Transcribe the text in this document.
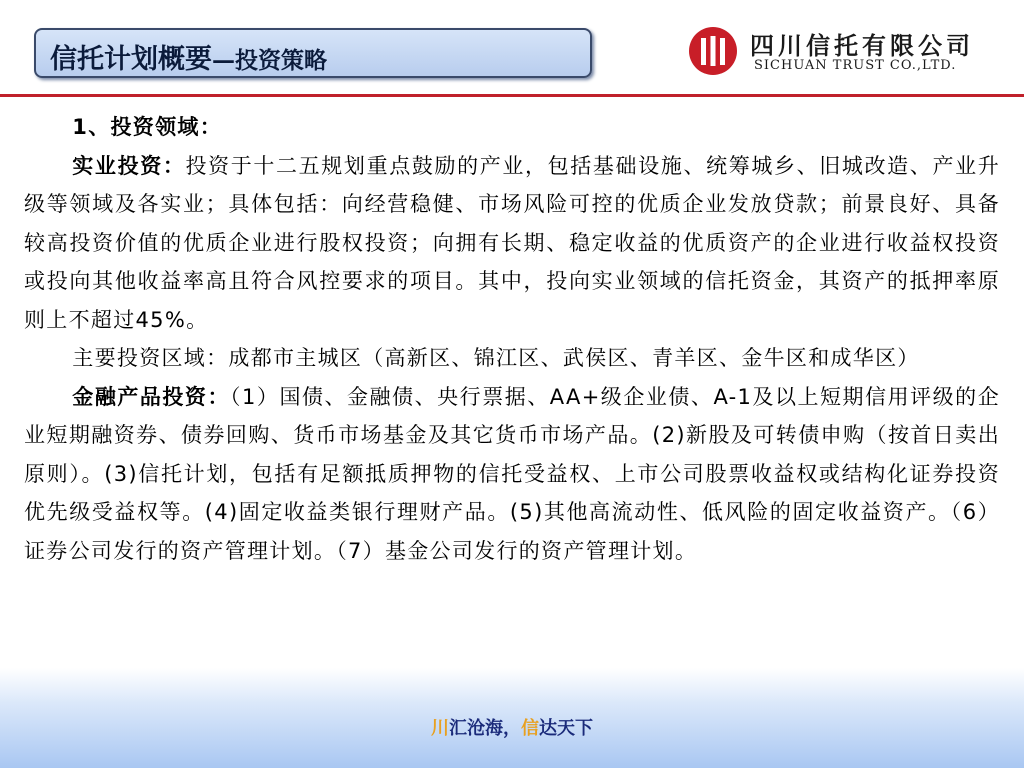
信托计划概要—投资策略
四川信托有限公司
SICHUAN TRUST CO.,LTD.

1、投资领域：

实业投资：投资于十二五规划重点鼓励的产业，包括基础设施、统筹城乡、旧城改造、产业升级等领域及各实业；具体包括：向经营稳健、市场风险可控的优质企业发放贷款；前景良好、具备较高投资价值的优质企业进行股权投资；向拥有长期、稳定收益的优质资产的企业进行收益权投资或投向其他收益率高且符合风控要求的项目。其中，投向实业领域的信托资金，其资产的抵押率原则上不超过45%。

主要投资区域：成都市主城区（高新区、锦江区、武侯区、青羊区、金牛区和成华区）

金融产品投资：（1）国债、金融债、央行票据、AA+级企业债、A-1及以上短期信用评级的企业短期融资券、债券回购、货币市场基金及其它货币市场产品。(2)新股及可转债申购（按首日卖出原则）。(3)信托计划，包括有足额抵质押物的信托受益权、上市公司股票收益权或结构化证券投资优先级受益权等。(4)固定收益类银行理财产品。(5)其他高流动性、低风险的固定收益资产。（6）证券公司发行的资产管理计划。（7）基金公司发行的资产管理计划。

川汇沧海，信达天下
